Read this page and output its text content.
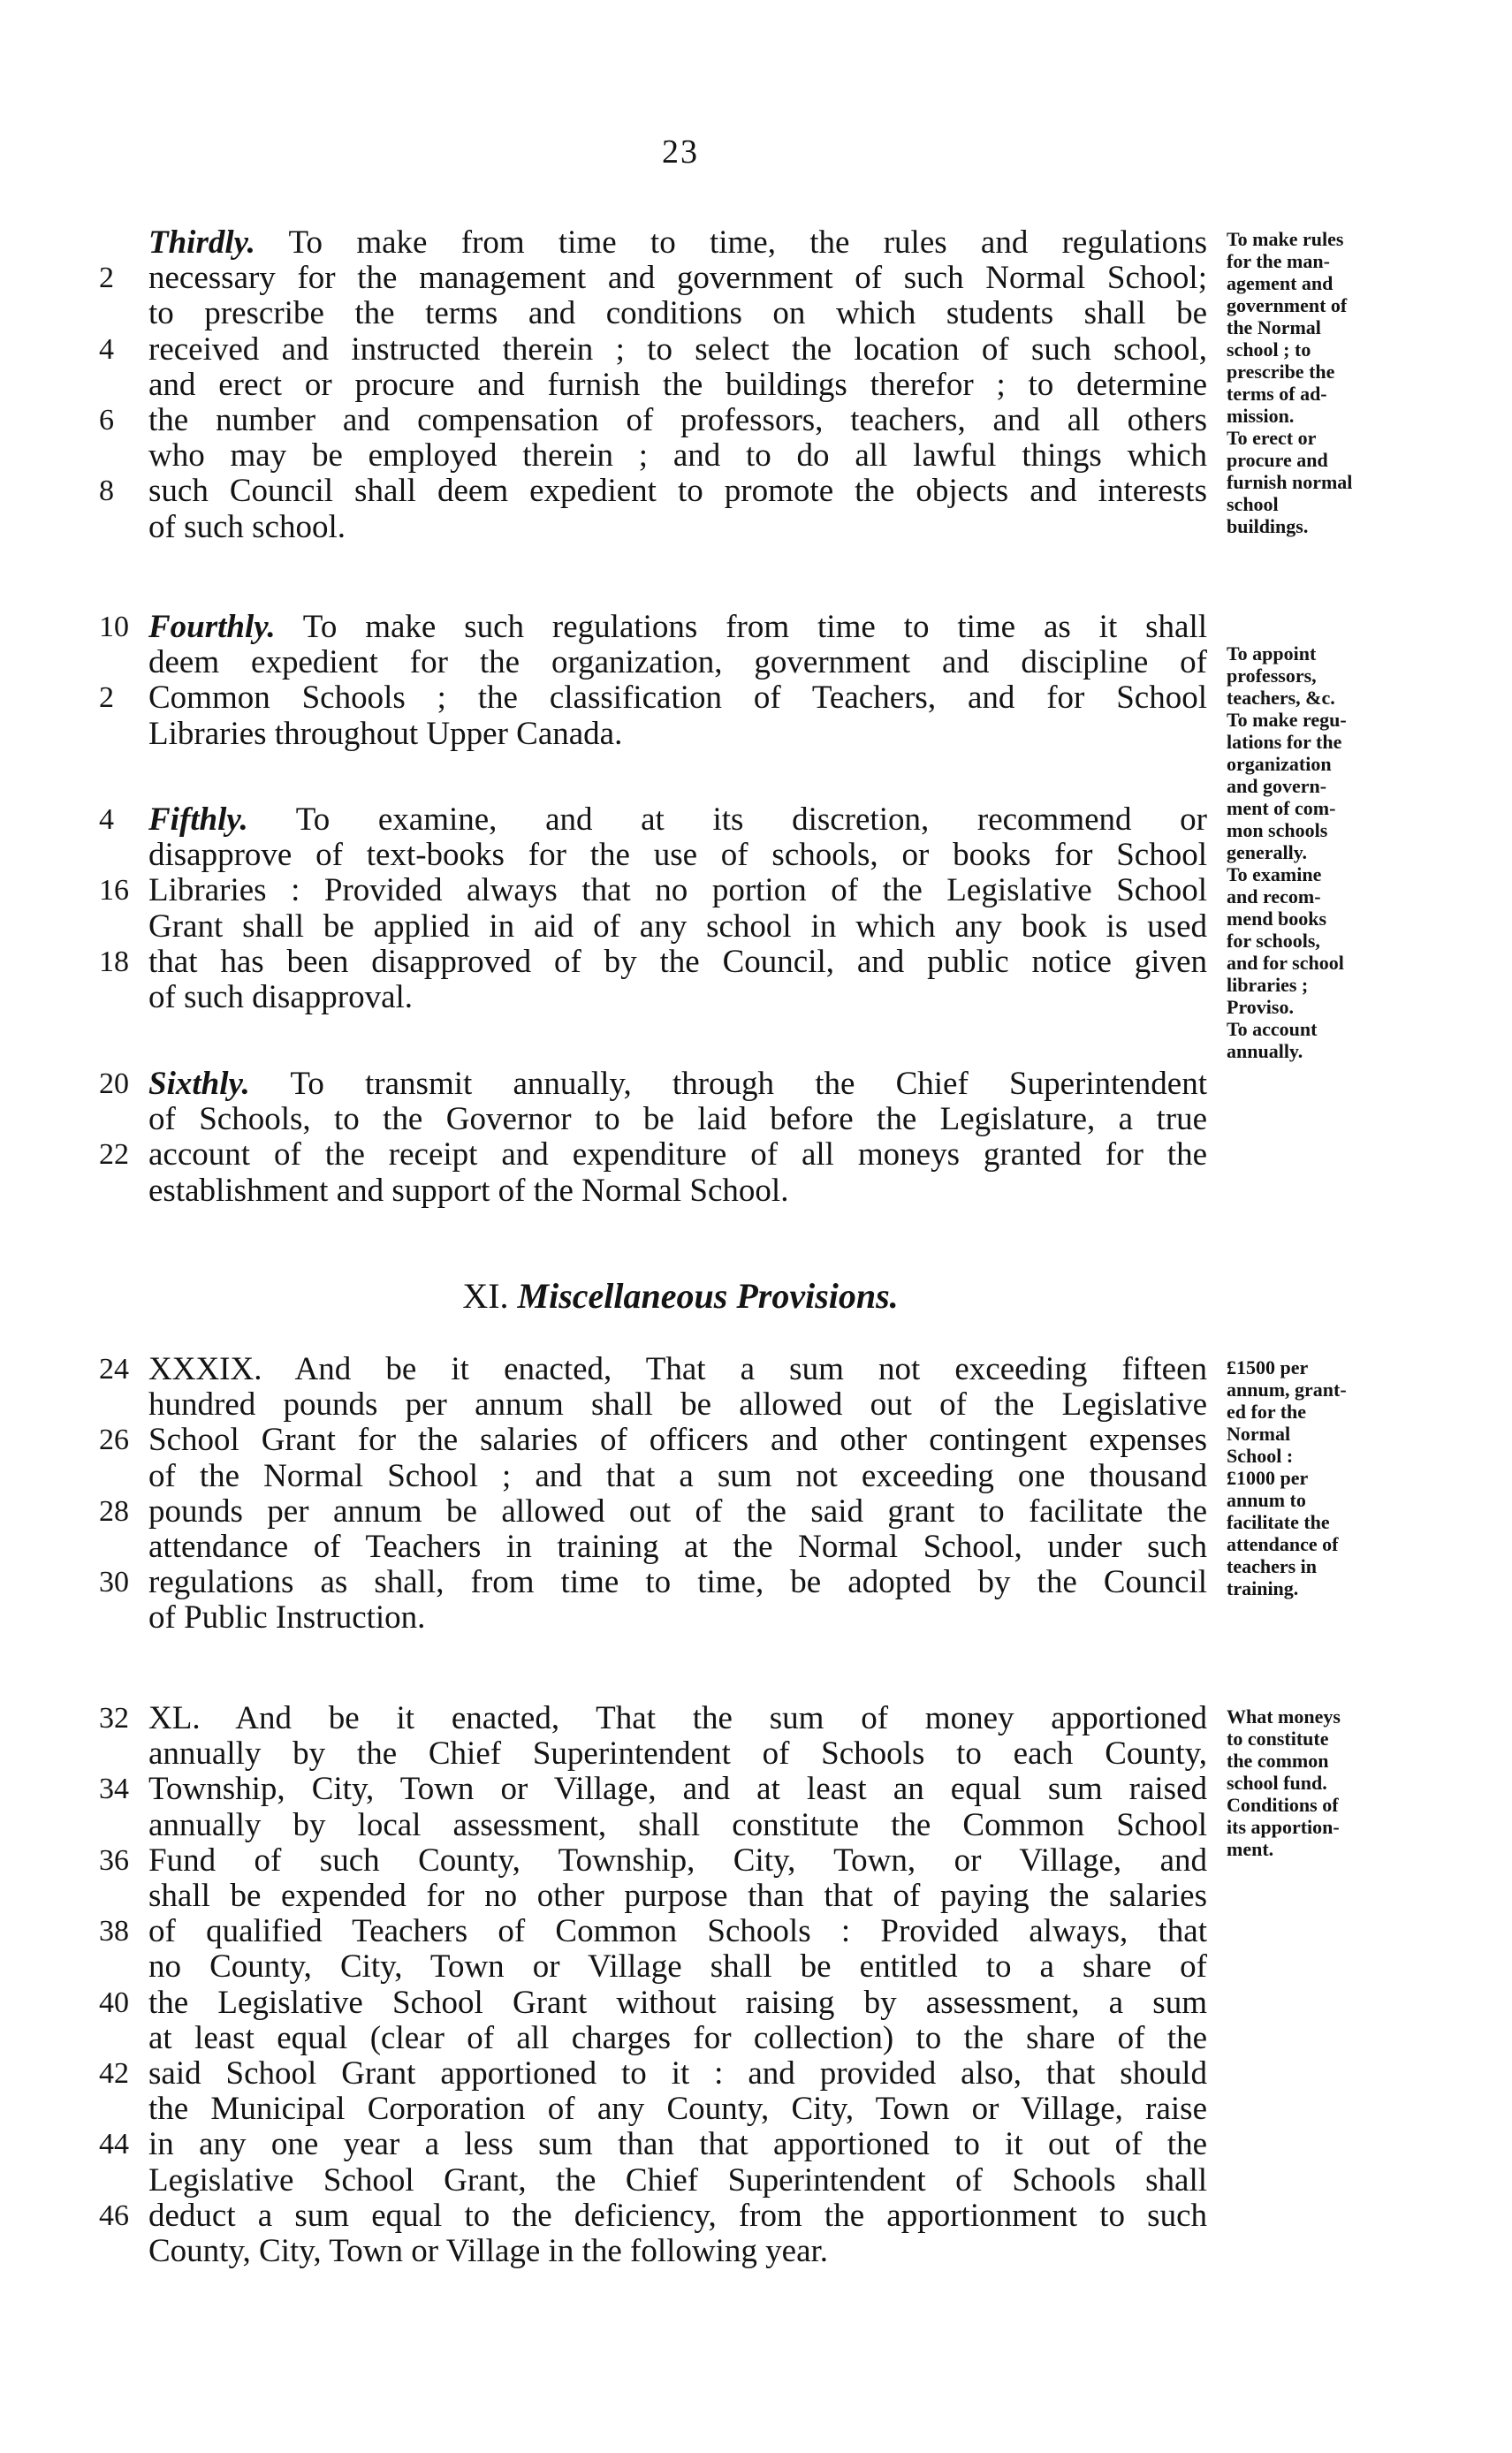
23
Thirdly. To make from time to time, the rules and regulations
2	necessary for the management and government of such Normal School;
to prescribe the terms and conditions on which students shall be
4	received and instructed therein ; to select the location of such school,
and erect or procure and furnish the buildings therefor ; to determine
6	the number and compensation of professors, teachers, and all others
who may be employed therein ; and to do all lawful things which
8	such Council shall deem expedient to promote the objects and interests
of such school.
10 Fourthly. To make such regulations from time to time as it shall
deem expedient for the organization, government and discipline of
2	Common Schools ; the classification of Teachers, and for School
Libraries throughout Upper Canada.
4	Fifthly. To examine, and at its discretion, recommend or
disapprove of text-books for the use of schools, or books for School
16 Libraries : Provided always that no portion of the Legislative School
Grant shall be applied in aid of any school in which any book is used
18 that has been disapproved of by the Council, and public notice given
of such disapproval.
20 Sixthly. To transmit annually, through the Chief Superintendent
of Schools, to the Governor to be laid before the Legislature, a true
22 account of the receipt and expenditure of all moneys granted for the
establishment and support of the Normal School.
24 XXXIX. And be it enacted, That a sum not exceeding fifteen
hundred pounds per annum shall be allowed out of the Legislative
26 School Grant for the salaries of officers and other contingent expenses
of the Normal School ; and that a sum not exceeding one thousand
28 pounds per annum be allowed out of the said grant to facilitate the
attendance of Teachers in training at the Normal School, under such
30 regulations as shall, from time to time, be adopted by the Council
of Public Instruction.
32 XL. And be it enacted, That the sum of money apportioned
annually by the Chief Superintendent of Schools to each County,
34 Township, City, Town or Village, and at least an equal sum raised
annually by local assessment, shall constitute the Common School
36 Fund of such County, Township, City, Town, or Village, and
shall be expended for no other purpose than that of paying the salaries
38 of qualified Teachers of Common Schools : Provided always, that
no County, City, Town or Village shall be entitled to a share of
40 the Legislative School Grant without raising by assessment, a sum
at least equal (clear of all charges for collection) to the share of the
42 said School Grant apportioned to it : and provided also, that should
the Municipal Corporation of any County, City, Town or Village, raise
44 in any one year a less sum than that apportioned to it out of the
Legislative School Grant, the Chief Superintendent of Schools shall
46 deduct a sum equal to the deficiency, from the apportionment to such
County, City, Town or Village in the following year.
XI. Miscellaneous Provisions.
To make rules
for the man-
agement and
government of
the Normal
school ; to
prescribe the
terms of ad-
mission.
To erect or
procure and
furnish normal
school
buildings.
To appoint
professors,
teachers, &c.
To make regu-
lations for the
organization
and govern-
ment of com-
mon schools
generally.
To examine
and recom-
mend books
for schools,
and for school
libraries ;
Proviso.
To account
annually.
£1500 per
annum, grant-
ed for the
Normal
School :
£1000 per
annum to
facilitate the
attendance of
teachers in
training.
What moneys
to constitute
the common
school fund.
Conditions of
its apportion-
ment.
